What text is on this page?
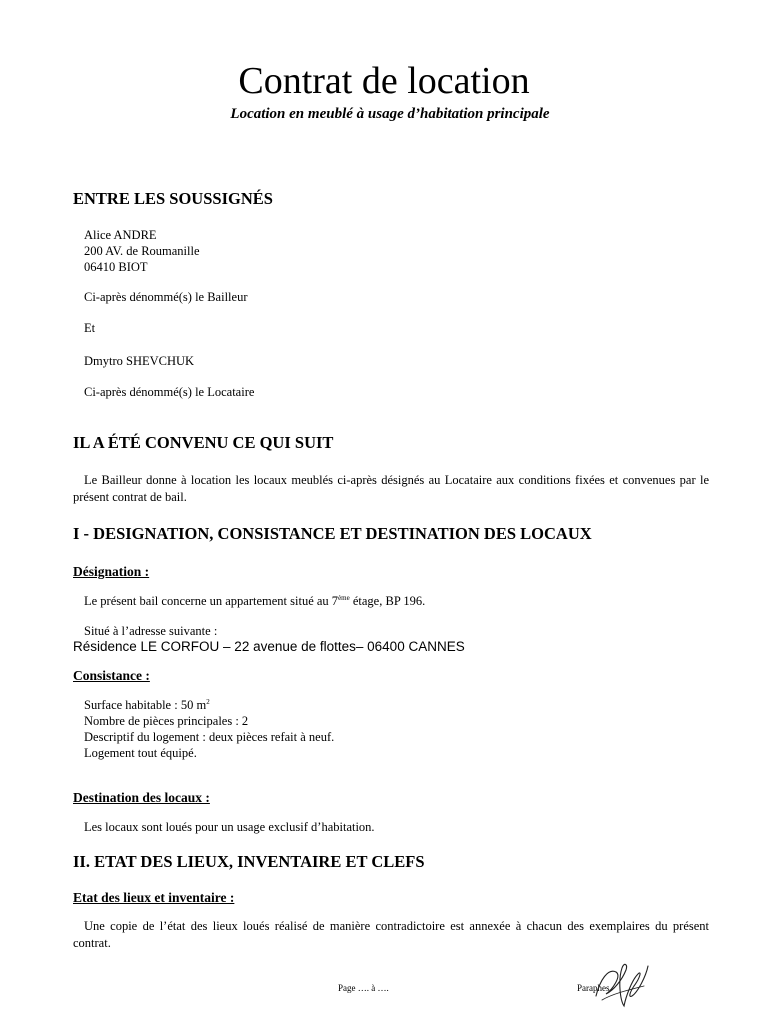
Contrat de location
Location en meublé à usage d’habitation principale
ENTRE LES SOUSSIGNÉS
Alice ANDRE
200 AV. de Roumanille
06410 BIOT
Ci-après dénommé(s) le Bailleur
Et
Dmytro SHEVCHUK
Ci-après dénommé(s) le Locataire
IL A ÉTÉ CONVENU CE QUI SUIT
Le Bailleur donne à location les locaux meublés ci-après désignés au Locataire aux conditions fixées et convenues par le présent contrat de bail.
I - DESIGNATION, CONSISTANCE ET DESTINATION DES LOCAUX
Désignation :
Le présent bail concerne un appartement situé au 7ème étage, BP 196.
Situé à l’adresse suivante :
Résidence LE CORFOU – 22 avenue de flottes– 06400 CANNES
Consistance :
Surface habitable : 50 $m^2$
Nombre de pièces principales : 2
Descriptif du logement : deux pièces refait à neuf.
Logement tout équipé.
Destination des locaux :
Les locaux sont loués pour un usage exclusif d’habitation.
II. ETAT DES LIEUX, INVENTAIRE ET CLEFS
Etat des lieux et inventaire :
Une copie de l’état des lieux loués réalisé de manière contradictoire est annexée à chacun des exemplaires du présent contrat.
Page …. à ….	Paraphes
